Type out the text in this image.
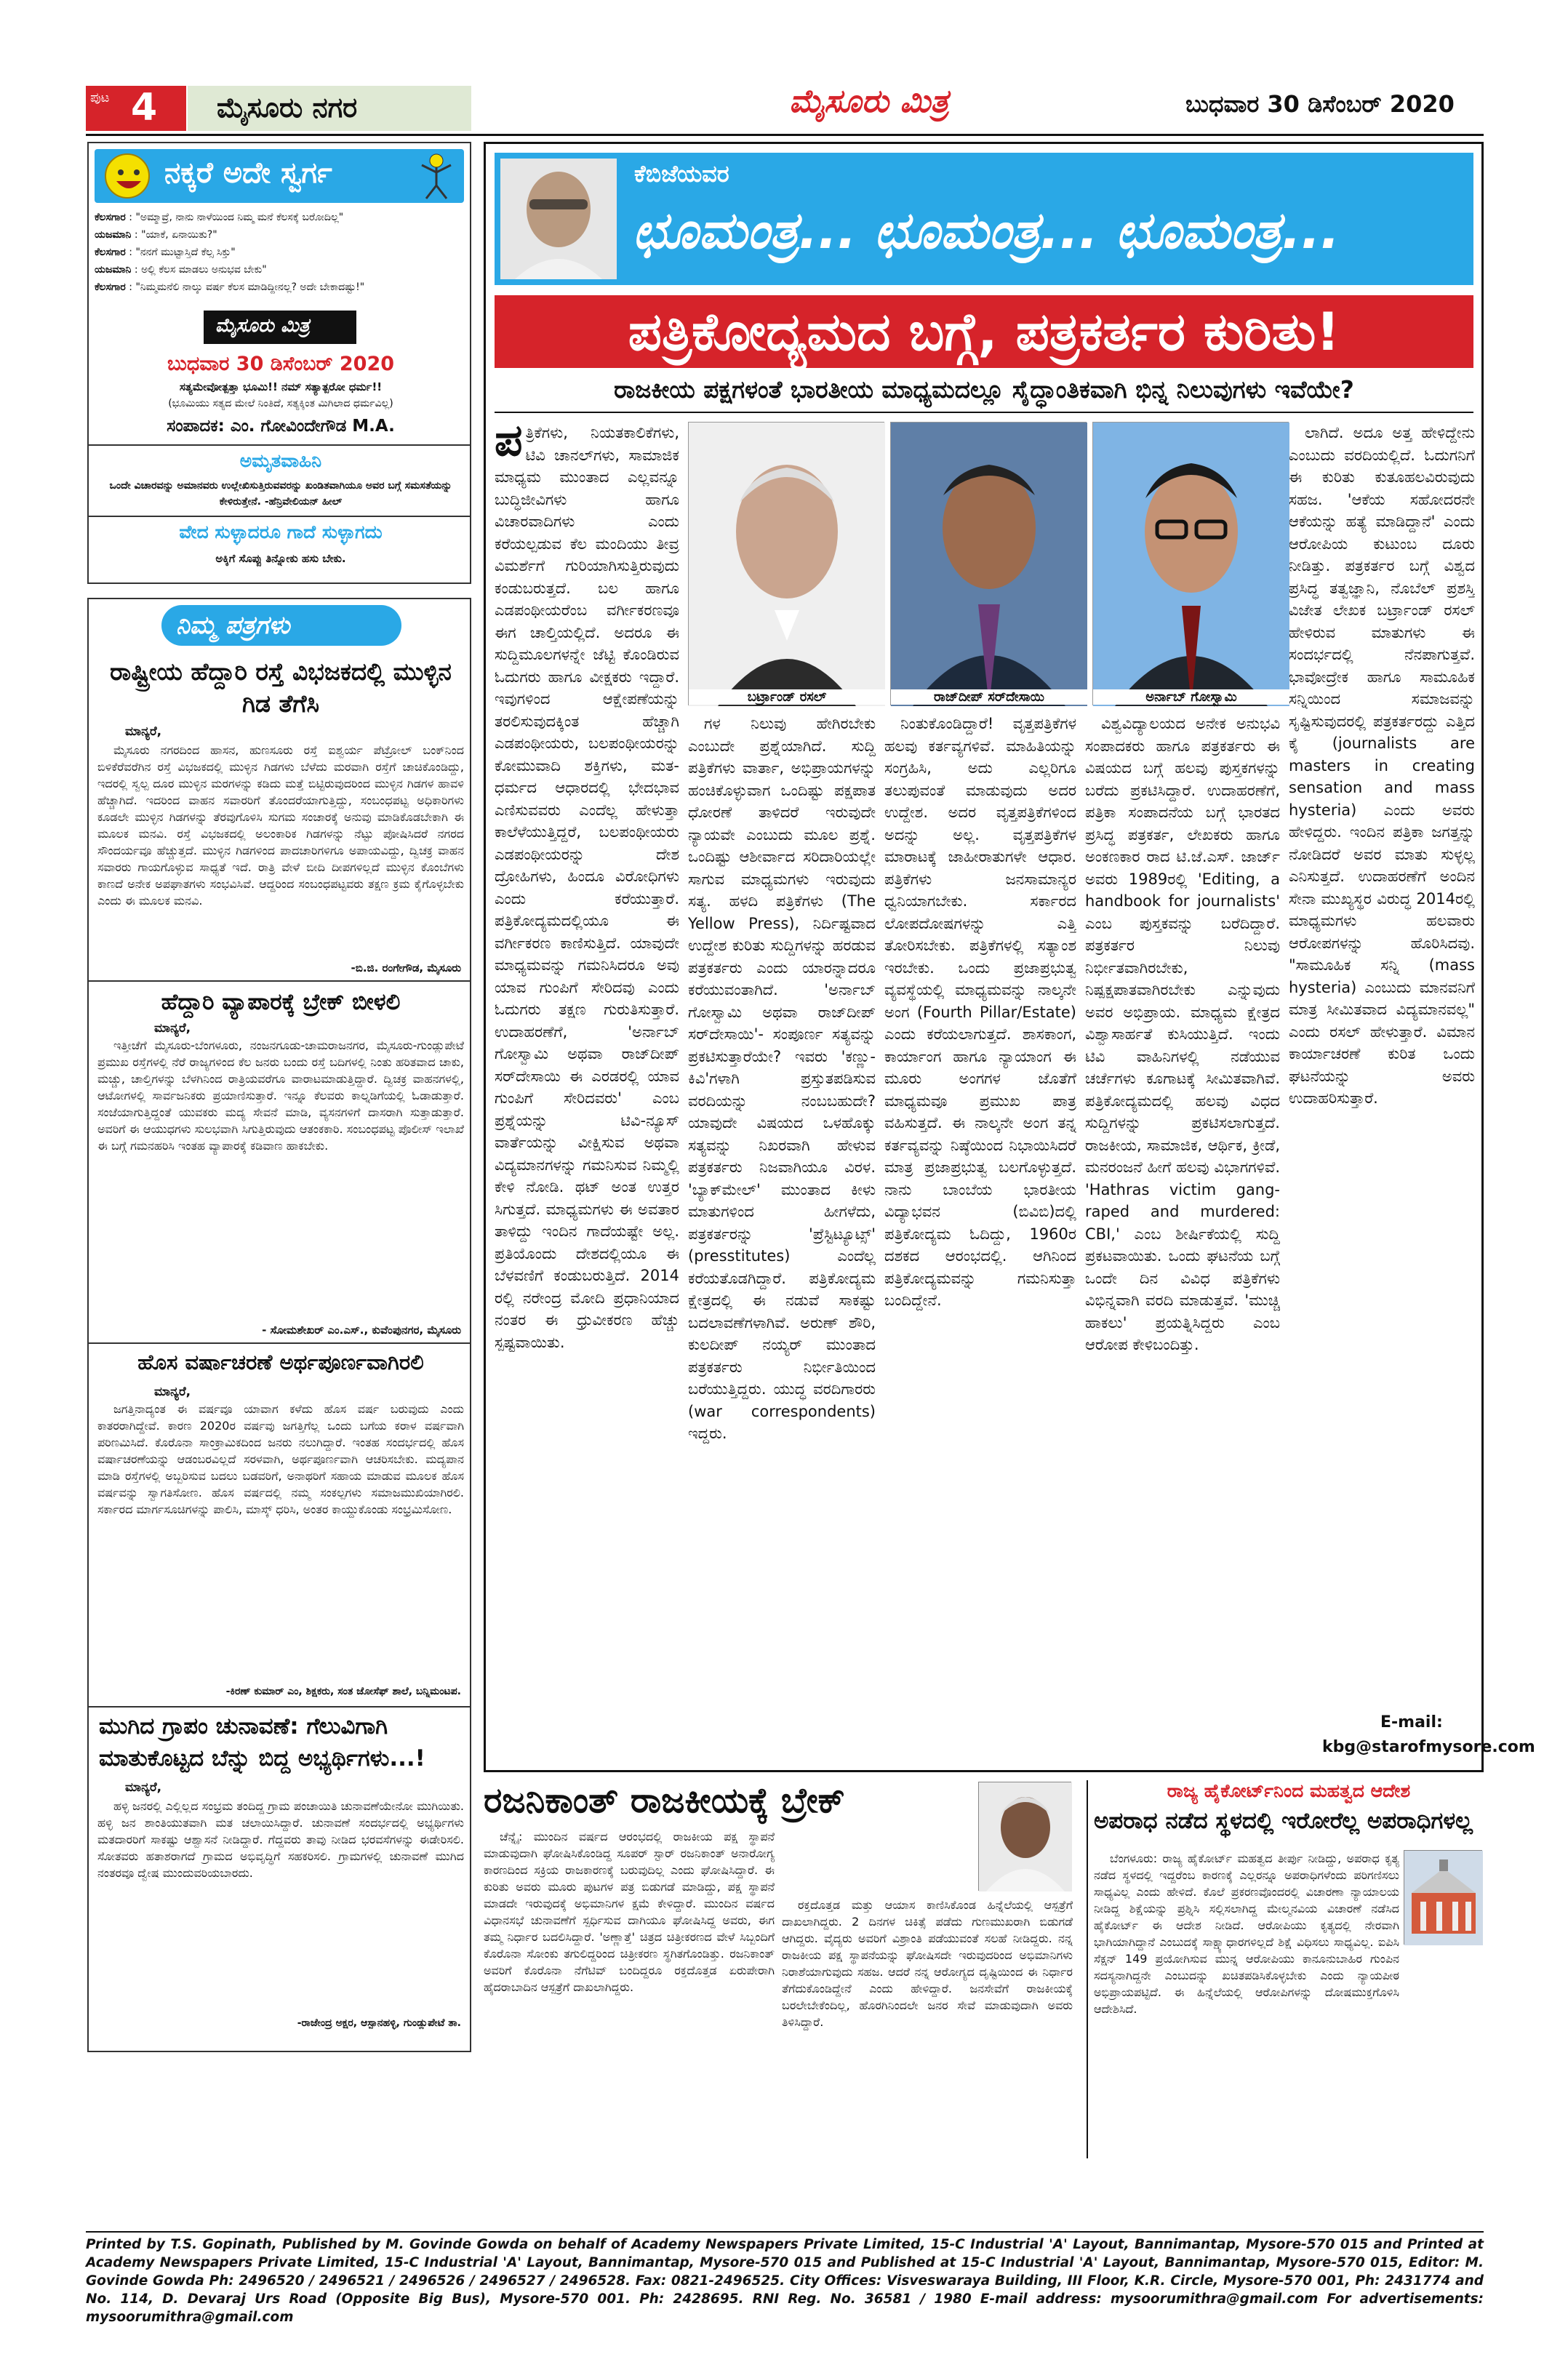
ಪುಟ 4 ಮೈಸೂರು ನಗರ	ಮೈಸೂರು ಮಿತ್ರ	ಬುಧವಾರ 30 ಡಿಸೆಂಬರ್ 2020
ನಕ್ಕರೆ ಅದೇ ಸ್ವರ್ಗ
ಕೆಲಸಗಾರ : "ಅಮ್ಮಾವ್ರೆ, ನಾನು ನಾಳೆಯಿಂದ ನಿಮ್ಮ ಮನೆ ಕೆಲಸಕ್ಕೆ ಬರೋದಿಲ್ಲ"
ಯಜಮಾನಿ : "ಯಾಕೆ, ಏನಾಯಿತು?"
ಕೆಲಸಗಾರ : "ನನಗೆ ಮುಟ್ಟಾಸ್ತಿದೆ ಕೆಲ್ಸ ಸಿಕ್ತು"
ಯಜಮಾನಿ : ಅಲ್ಲಿ ಕೆಲಸ ಮಾಡಲು ಅನುಭವ ಬೇಕು"
ಕೆಲಸಗಾರ : "ನಿಮ್ಮಮನೆಲಿ ನಾಲ್ಕು ವರ್ಷ ಕೆಲಸ ಮಾಡಿದ್ದೀನಲ್ಲ? ಅದೇ ಬೇಕಾದಷ್ಟು!"
ಮೈಸೂರು ಮಿತ್ರ
ಬುಧವಾರ 30 ಡಿಸೆಂಬರ್ 2020
ಸತ್ಯಮೇವೋತ್ಪತ್ತಾ ಭೂಮಿ!! ನಮ್ ಸತ್ಯಾತ್ಪರೋ ಧರ್ಮ!!
(ಭೂಮಿಯು ಸತ್ಯದ ಮೇಲೆ ನಿಂತಿದೆ, ಸತ್ಯಕ್ಕಿಂತ ಮಿಗಿಲಾದ ಧರ್ಮವಿಲ್ಲ)
ಸಂಪಾದಕ: ಎಂ. ಗೋವಿಂದೇಗೌಡ M.A.
ಅಮೃತವಾಹಿನಿ
ಒಂದೇ ವಿಚಾರವನ್ನು ಅಮಾನವರು ಉಲ್ಲೇಖಿಸುತ್ತಿರುವವರನ್ನು ಖಂಡಿತವಾಗಿಯೂ ಅವರ ಬಗ್ಗೆ ಸಮಸತೆಯನ್ನು ಕೇಳಿರುತ್ತೇನೆ. -ಹೆನ್ರಿವೇಲಿಯನ್ ಹೀಲ್
ವೇದ ಸುಳ್ಳಾದರೂ ಗಾದೆ ಸುಳ್ಳಾಗದು
ಅಕ್ಕಿಗೆ ಸೊಪ್ಪು ತಿನ್ನೋಕು ಹಸು ಬೇಕು.
ನಿಮ್ಮ ಪತ್ರಗಳು
ರಾಷ್ಟ್ರೀಯ ಹೆದ್ದಾರಿ ರಸ್ತೆ ವಿಭಜಕದಲ್ಲಿ ಮುಳ್ಳಿನ ಗಿಡ ತೆಗೆಸಿ
ಮಾನ್ಯರೆ,

ಮೈಸೂರು ನಗರದಿಂದ ಹಾಸನ, ಹುಣಸೂರು ರಸ್ತೆ ಐಶ್ವರ್ಯ ಪೆಟ್ರೋಲ್ ಬಂಕ್‌ನಿಂದ ಬಿಳಿಕೆರೆವರೆಗಿನ ರಸ್ತೆ ವಿಭಜಕದಲ್ಲಿ ಮುಳ್ಳಿನ ಗಿಡಗಳು ಬೆಳೆದು ಮರವಾಗಿ ರಸ್ತೆಗೆ ಚಾಚಿಕೊಂಡಿದ್ದು, ಇದರಲ್ಲಿ ಸ್ವಲ್ಪ ದೂರ ಮುಳ್ಳಿನ ಮರಗಳನ್ನು ಕಡಿದು ಮತ್ತೆ ಬಿಟ್ಟಿರುವುದರಿಂದ ಮುಳ್ಳಿನ ಗಿಡಗಳ ಹಾವಳಿ ಹೆಚ್ಚಾಗಿದೆ. ಇದರಿಂದ ವಾಹನ ಸವಾರರಿಗೆ ತೊಂದರೆಯಾಗುತ್ತಿದ್ದು, ಸಂಬಂಧಪಟ್ಟ ಅಧಿಕಾರಿಗಳು ಕೂಡಲೇ ಮುಳ್ಳಿನ ಗಿಡಗಳನ್ನು ತೆರವುಗೊಳಿಸಿ ಸುಗಮ ಸಂಚಾರಕ್ಕೆ ಅನುವು ಮಾಡಿಕೊಡಬೇಕಾಗಿ ಈ ಮೂಲಕ ಮನವಿ. ರಸ್ತೆ ವಿಭಜಕದಲ್ಲಿ ಅಲಂಕಾರಿಕ ಗಿಡಗಳನ್ನು ನೆಟ್ಟು ಪೋಷಿಸಿದರೆ ನಗರದ ಸೌಂದರ್ಯವೂ ಹೆಚ್ಚುತ್ತದೆ. ಮುಳ್ಳಿನ ಗಿಡಗಳಿಂದ ಪಾದಚಾರಿಗಳಿಗೂ ಅಪಾಯವಿದ್ದು, ದ್ವಿಚಕ್ರ ವಾಹನ ಸವಾರರು ಗಾಯಗೊಳ್ಳುವ ಸಾಧ್ಯತೆ ಇದೆ. ರಾತ್ರಿ ವೇಳೆ ಬೀದಿ ದೀಪಗಳಿಲ್ಲದೆ ಮುಳ್ಳಿನ ಕೊಂಬೆಗಳು ಕಾಣದೆ ಅನೇಕ ಅಪಘಾತಗಳು ಸಂಭವಿಸಿವೆ. ಆದ್ದರಿಂದ ಸಂಬಂಧಪಟ್ಟವರು ತಕ್ಷಣ ಕ್ರಮ ಕೈಗೊಳ್ಳಬೇಕು ಎಂದು ಈ ಮೂಲಕ ಮನವಿ.

-ಬಿ.ಜಿ. ರಂಗೇಗೌಡ, ಮೈಸೂರು
ಹೆದ್ದಾರಿ ವ್ಯಾಪಾರಕ್ಕೆ ಬ್ರೇಕ್ ಬೀಳಲಿ
ಮಾನ್ಯರೆ,

ಇತ್ತೀಚೆಗೆ ಮೈಸೂರು-ಬೆಂಗಳೂರು, ನಂಜನಗೂಡು-ಚಾಮರಾಜನಗರ, ಮೈಸೂರು-ಗುಂಡ್ಲುಪೇಟೆ ಪ್ರಮುಖ ರಸ್ತೆಗಳಲ್ಲಿ ನೆರೆ ರಾಜ್ಯಗಳಿಂದ ಕೆಲ ಜನರು ಬಂದು ರಸ್ತೆ ಬದಿಗಳಲ್ಲಿ ನಿಂತು ಹರಿತವಾದ ಚಾಕು, ಮಚ್ಚು, ಚಾಲ್ತಿಗಳನ್ನು ಬೆಳಗಿನಿಂದ ರಾತ್ರಿಯವರೆಗೂ ವಾರಾಟಮಾಡುತ್ತಿದ್ದಾರೆ. ದ್ವಿಚಕ್ರ ವಾಹನಗಳಲ್ಲಿ, ಆಟೋಗಳಲ್ಲಿ ಸಾರ್ವಜನಿಕರು ಪ್ರಯಾಣಿಸುತ್ತಾರೆ. ಇನ್ನೂ ಕೆಲವರು ಕಾಲ್ನಡಿಗೆಯಲ್ಲಿ ಓಡಾಡುತ್ತಾರೆ. ಸಂಜೆಯಾಗುತ್ತಿದ್ದಂತೆ ಯುವಕರು ಮದ್ಯ ಸೇವನೆ ಮಾಡಿ, ವ್ಯಸನಗಳಿಗೆ ದಾಸರಾಗಿ ಸುತ್ತಾಡುತ್ತಾರೆ. ಅವರಿಗೆ ಈ ಆಯುಧಗಳು ಸುಲಭವಾಗಿ ಸಿಗುತ್ತಿರುವುದು ಆತಂಕಕಾರಿ. ಸಂಬಂಧಪಟ್ಟ ಪೊಲೀಸ್ ಇಲಾಖೆ ಈ ಬಗ್ಗೆ ಗಮನಹರಿಸಿ ಇಂತಹ ವ್ಯಾಪಾರಕ್ಕೆ ಕಡಿವಾಣ ಹಾಕಬೇಕು.

- ಸೋಮಶೇಖರ್ ಎಂ.ಎಸ್., ಕುವೆಂಪುನಗರ, ಮೈಸೂರು
ಹೊಸ ವರ್ಷಾಚರಣೆ ಅರ್ಥಪೂರ್ಣವಾಗಿರಲಿ
ಮಾನ್ಯರೆ,

ಜಗತ್ತಿನಾದ್ಯಂತ ಈ ವರ್ಷವೂ ಯಾವಾಗ ಕಳೆದು ಹೊಸ ವರ್ಷ ಬರುವುದು ಎಂದು ಕಾತರರಾಗಿದ್ದೇವೆ. ಕಾರಣ 2020ರ ವರ್ಷವು ಜಗತ್ತಿಗೆಲ್ಲ ಒಂದು ಬಗೆಯ ಕರಾಳ ವರ್ಷವಾಗಿ ಪರಿಣಮಿಸಿದೆ. ಕೊರೊನಾ ಸಾಂಕ್ರಾಮಿಕದಿಂದ ಜನರು ನಲುಗಿದ್ದಾರೆ. ಇಂತಹ ಸಂದರ್ಭದಲ್ಲಿ ಹೊಸ ವರ್ಷಾಚರಣೆಯನ್ನು ಆಡಂಬರವಿಲ್ಲದೆ ಸರಳವಾಗಿ, ಅರ್ಥಪೂರ್ಣವಾಗಿ ಆಚರಿಸಬೇಕು. ಮದ್ಯಪಾನ ಮಾಡಿ ರಸ್ತೆಗಳಲ್ಲಿ ಅಬ್ಬರಿಸುವ ಬದಲು ಬಡವರಿಗೆ, ಅನಾಥರಿಗೆ ಸಹಾಯ ಮಾಡುವ ಮೂಲಕ ಹೊಸ ವರ್ಷವನ್ನು ಸ್ವಾಗತಿಸೋಣ. ಹೊಸ ವರ್ಷದಲ್ಲಿ ನಮ್ಮ ಸಂಕಲ್ಪಗಳು ಸಮಾಜಮುಖಿಯಾಗಿರಲಿ. ಸರ್ಕಾರದ ಮಾರ್ಗಸೂಚಿಗಳನ್ನು ಪಾಲಿಸಿ, ಮಾಸ್ಕ್ ಧರಿಸಿ, ಅಂತರ ಕಾಯ್ದುಕೊಂಡು ಸಂಭ್ರಮಿಸೋಣ.

-ಕಿರಣ್ ಕುಮಾರ್ ಎಂ, ಶಿಕ್ಷಕರು, ಸಂತ ಜೋಸೆಫ್ ಶಾಲೆ, ಬನ್ನಿಮಂಟಪ.
ಮುಗಿದ ಗ್ರಾಪಂ ಚುನಾವಣೆ: ಗೆಲುವಿಗಾಗಿ ಮಾತುಕೊಟ್ಟದ ಬೆನ್ನು ಬಿದ್ದ ಅಭ್ಯರ್ಥಿಗಳು...!
ಮಾನ್ಯರೆ,

ಹಳ್ಳಿ ಜನರಲ್ಲಿ ಎಲ್ಲಿಲ್ಲದ ಸಂಭ್ರಮ ತಂದಿದ್ದ ಗ್ರಾಮ ಪಂಚಾಯಿತಿ ಚುನಾವಣೆಯೇನೋ ಮುಗಿಯಿತು. ಹಳ್ಳಿ ಜನ ಶಾಂತಿಯುತವಾಗಿ ಮತ ಚಲಾಯಿಸಿದ್ದಾರೆ. ಚುನಾವಣೆ ಸಂದರ್ಭದಲ್ಲಿ ಅಭ್ಯರ್ಥಿಗಳು ಮತದಾರರಿಗೆ ಸಾಕಷ್ಟು ಆಶ್ವಾಸನೆ ನೀಡಿದ್ದಾರೆ. ಗೆದ್ದವರು ತಾವು ನೀಡಿದ ಭರವಸೆಗಳನ್ನು ಈಡೇರಿಸಲಿ. ಸೋತವರು ಹತಾಶರಾಗದೆ ಗ್ರಾಮದ ಅಭಿವೃದ್ಧಿಗೆ ಸಹಕರಿಸಲಿ. ಗ್ರಾಮಗಳಲ್ಲಿ ಚುನಾವಣೆ ಮುಗಿದ ನಂತರವೂ ದ್ವೇಷ ಮುಂದುವರಿಯಬಾರದು.

-ರಾಜೇಂದ್ರ ಅಕ್ಷರ, ಆಸ್ಪಾನಹಳ್ಳಿ, ಗುಂಡ್ಲುಪೇಟೆ ತಾ.
ಕೆಬಿಜೆಯವರ
ಛೂಮಂತ್ರ... ಛೂಮಂತ್ರ... ಛೂಮಂತ್ರ...
ಪತ್ರಿಕೋದ್ಯಮದ ಬಗ್ಗೆ, ಪತ್ರಕರ್ತರ ಕುರಿತು!
ರಾಜಕೀಯ ಪಕ್ಷಗಳಂತೆ ಭಾರತೀಯ ಮಾಧ್ಯಮದಲ್ಲೂ ಸೈದ್ಧಾಂತಿಕವಾಗಿ ಭಿನ್ನ ನಿಲುವುಗಳು ಇವೆಯೇ?
ಬರ್ಟ್ರಾಂಡ್ ರಸಲ್	ರಾಜ್‌ದೀಪ್ ಸರ್‌ದೇಸಾಯಿ	ಅರ್ನಾಬ್ ಗೋಸ್ವಾಮಿ
ಪತ್ರಿಕೆಗಳು, ನಿಯತಕಾಲಿಕೆಗಳು, ಟಿವಿ ಚಾನಲ್‌ಗಳು, ಸಾಮಾಜಿಕ ಮಾಧ್ಯಮ ಮುಂತಾದ ಎಲ್ಲವನ್ನೂ ಬುದ್ಧಿಜೀವಿಗಳು ಹಾಗೂ ವಿಚಾರವಾದಿಗಳು ಎಂದು ಕರೆಯಲ್ಪಡುವ ಕೆಲ ಮಂದಿಯು ತೀವ್ರ ವಿಮರ್ಶೆಗೆ ಗುರಿಯಾಗಿಸುತ್ತಿರುವುದು ಕಂಡುಬರುತ್ತದೆ. ಬಲ ಹಾಗೂ ಎಡಪಂಥೀಯರೆಂಬ ವರ್ಗೀಕರಣವೂ ಈಗ ಚಾಲ್ತಿಯಲ್ಲಿದೆ. ಅದರೂ ಈ ಸುದ್ದಿಮೂಲಗಳನ್ನೇ ಜೆಟ್ಟಿ ಕೊಂಡಿರುವ ಓದುಗರು ಹಾಗೂ ವೀಕ್ಷಕರು ಇದ್ದಾರೆ. ಇವುಗಳಿಂದ ಆಕ್ಷೇಪಣೆಯನ್ನು ತರಲಿಸುವುದಕ್ಕಿಂತ ಹೆಚ್ಚಾಗಿ ಎಡಪಂಥೀಯರು, ಬಲಪಂಥೀಯರನ್ನು ಕೋಮುವಾದಿ ಶಕ್ತಿಗಳು, ಮತ-ಧರ್ಮದ ಆಧಾರದಲ್ಲಿ ಭೇದಭಾವ ಎಣಿಸುವವರು ಎಂದೆಲ್ಲ ಹೇಳುತ್ತಾ ಕಾಲೆಳೆಯುತ್ತಿದ್ದರೆ, ಬಲಪಂಥೀಯರು ಎಡಪಂಥೀಯರನ್ನು ದೇಶ ದ್ರೋಹಿಗಳು, ಹಿಂದೂ ವಿರೋಧಿಗಳು ಎಂದು ಕರೆಯುತ್ತಾರೆ. ಪತ್ರಿಕೋದ್ಯಮದಲ್ಲಿಯೂ ಈ ವರ್ಗೀಕರಣ ಕಾಣಿಸುತ್ತಿದೆ. ಯಾವುದೇ ಮಾಧ್ಯಮವನ್ನು ಗಮನಿಸಿದರೂ ಅವು ಯಾವ ಗುಂಪಿಗೆ ಸೇರಿದವು ಎಂದು ಓದುಗರು ತಕ್ಷಣ ಗುರುತಿಸುತ್ತಾರೆ. ಉದಾಹರಣೆಗೆ, 'ಅರ್ನಾಬ್ ಗೋಸ್ವಾಮಿ ಅಥವಾ ರಾಜ್‌ದೀಪ್ ಸರ್‌ದೇಸಾಯಿ ಈ ಎರಡರಲ್ಲಿ ಯಾವ ಗುಂಪಿಗೆ ಸೇರಿದವರು' ಎಂಬ ಪ್ರಶ್ನೆಯನ್ನು ಟಿವಿ-ನ್ಯೂಸ್ ವಾರ್ತೆಯನ್ನು ವೀಕ್ಷಿಸುವ ಅಥವಾ ವಿದ್ಯಮಾನಗಳನ್ನು ಗಮನಿಸುವ ನಿಮ್ಮಲ್ಲಿ ಕೇಳಿ ನೋಡಿ. ಥಟ್ ಅಂತ ಉತ್ತರ ಸಿಗುತ್ತದೆ. ಮಾಧ್ಯಮಗಳು ಈ ಅವತಾರ ತಾಳಿದ್ದು ಇಂದಿನ ಗಾದೆಯಷ್ಟೇ ಅಲ್ಲ. ಪ್ರತಿಯೊಂದು ದೇಶದಲ್ಲಿಯೂ ಈ ಬೆಳವಣಿಗೆ ಕಂಡುಬರುತ್ತಿದೆ. 2014 ರಲ್ಲಿ ನರೇಂದ್ರ ಮೋದಿ ಪ್ರಧಾನಿಯಾದ ನಂತರ ಈ ಧ್ರುವೀಕರಣ ಹೆಚ್ಚು ಸ್ಪಷ್ಟವಾಯಿತು.

ಗಳ ನಿಲುವು ಹೇಗಿರಬೇಕು ಎಂಬುದೇ ಪ್ರಶ್ನೆಯಾಗಿದೆ. ಸುದ್ದಿ ಪತ್ರಿಕೆಗಳು ವಾರ್ತಾ, ಅಭಿಪ್ರಾಯಗಳನ್ನು ಹಂಚಿಕೊಳ್ಳುವಾಗ ಒಂದಿಷ್ಟು ಪಕ್ಷಪಾತ ಧೋರಣೆ ತಾಳಿದರೆ ಇರುವುದೇ ನ್ಯಾಯವೇ ಎಂಬುದು ಮೂಲ ಪ್ರಶ್ನೆ. ಒಂದಿಷ್ಟು ಆಶೀರ್ವಾದ ಸರಿದಾರಿಯಲ್ಲೇ ಸಾಗುವ ಮಾಧ್ಯಮಗಳು ಇರುವುದು ಸತ್ಯ. ಹಳದಿ ಪತ್ರಿಕೆಗಳು (The Yellow Press), ನಿರ್ದಿಷ್ಟವಾದ ಉದ್ದೇಶ ಕುರಿತು ಸುದ್ದಿಗಳನ್ನು ಹರಡುವ ಪತ್ರಕರ್ತರು ಎಂದು ಯಾರನ್ನಾದರೂ ಕರೆಯುವಂತಾಗಿದೆ. 'ಅರ್ನಾಬ್ ಗೋಸ್ವಾಮಿ ಅಥವಾ ರಾಜ್‌ದೀಪ್ ಸರ್‌ದೇಸಾಯಿ'- ಸಂಪೂರ್ಣ ಸತ್ಯವನ್ನು ಪ್ರಕಟಿಸುತ್ತಾರೆಯೇ? ಇವರು 'ಕಣ್ಣು-ಕಿವಿ'ಗಳಾಗಿ ಪ್ರಸ್ತುತಪಡಿಸುವ ವರದಿಯನ್ನು ನಂಬಬಹುದೇ? ಯಾವುದೇ ವಿಷಯದ ಒಳಹೊಕ್ಕು ಸತ್ಯವನ್ನು ನಿಖರವಾಗಿ ಹೇಳುವ ಪತ್ರಕರ್ತರು ನಿಜವಾಗಿಯೂ ವಿರಳ. 'ಬ್ಯಾಕ್‌ಮೇಲ್' ಮುಂತಾದ ಕೀಳು ಮಾತುಗಳಿಂದ ಹೀಗಳೆದು, ಪತ್ರಕರ್ತರನ್ನು 'ಪ್ರೆಸ್ಟಿಟ್ಯೂಟ್ಸ್' (presstitutes) ಎಂದೆಲ್ಲ ಕರೆಯತೊಡಗಿದ್ದಾರೆ. ಪತ್ರಿಕೋದ್ಯಮ ಕ್ಷೇತ್ರದಲ್ಲಿ ಈ ನಡುವೆ ಸಾಕಷ್ಟು ಬದಲಾವಣೆಗಳಾಗಿವೆ. ಅರುಣ್ ಶೌರಿ, ಕುಲದೀಪ್ ನಯ್ಯರ್ ಮುಂತಾದ ಪತ್ರಕರ್ತರು ನಿರ್ಭೀತಿಯಿಂದ ಬರೆಯುತ್ತಿದ್ದರು. ಯುದ್ಧ ವರದಿಗಾರರು (war correspondents) ಇದ್ದರು.

ನಿಂತುಕೊಂಡಿದ್ದಾರೆ! ವೃತ್ತಪತ್ರಿಕೆಗಳ ಹಲವು ಕರ್ತವ್ಯಗಳಿವೆ. ಮಾಹಿತಿಯನ್ನು ಸಂಗ್ರಹಿಸಿ, ಅದು ಎಲ್ಲರಿಗೂ ತಲುಪುವಂತೆ ಮಾಡುವುದು ಅದರ ಉದ್ದೇಶ. ಅದರ ವೃತ್ತಪತ್ರಿಕೆಗಳಿಂದ ಅದನ್ನು ಅಲ್ಲ. ವೃತ್ತಪತ್ರಿಕೆಗಳ ಮಾರಾಟಕ್ಕೆ ಜಾಹೀರಾತುಗಳೇ ಆಧಾರ. ಪತ್ರಿಕೆಗಳು ಜನಸಾಮಾನ್ಯರ ಧ್ವನಿಯಾಗಬೇಕು. ಸರ್ಕಾರದ ಲೋಪದೋಷಗಳನ್ನು ಎತ್ತಿ ತೋರಿಸಬೇಕು. ಪತ್ರಿಕೆಗಳಲ್ಲಿ ಸತ್ಯಾಂಶ ಇರಬೇಕು. ಒಂದು ಪ್ರಜಾಪ್ರಭುತ್ವ ವ್ಯವಸ್ಥೆಯಲ್ಲಿ ಮಾಧ್ಯಮವನ್ನು ನಾಲ್ಕನೇ ಅಂಗ (Fourth Pillar/Estate) ಎಂದು ಕರೆಯಲಾಗುತ್ತದೆ. ಶಾಸಕಾಂಗ, ಕಾರ್ಯಾಂಗ ಹಾಗೂ ನ್ಯಾಯಾಂಗ ಈ ಮೂರು ಅಂಗಗಳ ಜೊತೆಗೆ ಮಾಧ್ಯಮವೂ ಪ್ರಮುಖ ಪಾತ್ರ ವಹಿಸುತ್ತದೆ. ಈ ನಾಲ್ಕನೇ ಅಂಗ ತನ್ನ ಕರ್ತವ್ಯವನ್ನು ನಿಷ್ಠೆಯಿಂದ ನಿಭಾಯಿಸಿದರೆ ಮಾತ್ರ ಪ್ರಜಾಪ್ರಭುತ್ವ ಬಲಗೊಳ್ಳುತ್ತದೆ. ನಾನು ಬಾಂಬೆಯ ಭಾರತೀಯ ವಿದ್ಯಾಭವನ (ಬಿವಿಬಿ)ದಲ್ಲಿ ಪತ್ರಿಕೋದ್ಯಮ ಓದಿದ್ದು, 1960ರ ದಶಕದ ಆರಂಭದಲ್ಲಿ. ಆಗಿನಿಂದ ಪತ್ರಿಕೋದ್ಯಮವನ್ನು ಗಮನಿಸುತ್ತಾ ಬಂದಿದ್ದೇನೆ.

ವಿಶ್ವವಿದ್ಯಾಲಯದ ಅನೇಕ ಅನುಭವಿ ಸಂಪಾದಕರು ಹಾಗೂ ಪತ್ರಕರ್ತರು ಈ ವಿಷಯದ ಬಗ್ಗೆ ಹಲವು ಪುಸ್ತಕಗಳನ್ನು ಬರೆದು ಪ್ರಕಟಿಸಿದ್ದಾರೆ. ಉದಾಹರಣೆಗೆ, ಪತ್ರಿಕಾ ಸಂಪಾದನೆಯ ಬಗ್ಗೆ ಭಾರತದ ಪ್ರಸಿದ್ಧ ಪತ್ರಕರ್ತ, ಲೇಖಕರು ಹಾಗೂ ಅಂಕಣಕಾರ ರಾದ ಟಿ.ಜೆ.ಎಸ್. ಜಾರ್ಜ್ ಅವರು 1989ರಲ್ಲಿ 'Editing, a handbook for journalists' ಎಂಬ ಪುಸ್ತಕವನ್ನು ಬರೆದಿದ್ದಾರೆ. ಪತ್ರಕರ್ತರ ನಿಲುವು ನಿರ್ಭೀತವಾಗಿರಬೇಕು, ನಿಷ್ಪಕ್ಷಪಾತವಾಗಿರಬೇಕು ಎನ್ನುವುದು ಅವರ ಅಭಿಪ್ರಾಯ. ಮಾಧ್ಯಮ ಕ್ಷೇತ್ರದ ವಿಶ್ವಾಸಾರ್ಹತೆ ಕುಸಿಯುತ್ತಿದೆ. ಇಂದು ಟಿವಿ ವಾಹಿನಿಗಳಲ್ಲಿ ನಡೆಯುವ ಚರ್ಚೆಗಳು ಕೂಗಾಟಕ್ಕೆ ಸೀಮಿತವಾಗಿವೆ. ಪತ್ರಿಕೋದ್ಯಮದಲ್ಲಿ ಹಲವು ವಿಧದ ಸುದ್ದಿಗಳನ್ನು ಪ್ರಕಟಿಸಲಾಗುತ್ತದೆ. ರಾಜಕೀಯ, ಸಾಮಾಜಿಕ, ಆರ್ಥಿಕ, ಕ್ರೀಡೆ, ಮನರಂಜನೆ ಹೀಗೆ ಹಲವು ವಿಭಾಗಗಳಿವೆ. 'Hathras victim gang-raped and murdered: CBI,' ಎಂಬ ಶೀರ್ಷಿಕೆಯಲ್ಲಿ ಸುದ್ದಿ ಪ್ರಕಟವಾಯಿತು. ಒಂದು ಘಟನೆಯ ಬಗ್ಗೆ ಒಂದೇ ದಿನ ವಿವಿಧ ಪತ್ರಿಕೆಗಳು ವಿಭಿನ್ನವಾಗಿ ವರದಿ ಮಾಡುತ್ತವೆ. 'ಮುಚ್ಚಿ ಹಾಕಲು' ಪ್ರಯತ್ನಿಸಿದ್ದರು ಎಂಬ ಆರೋಪ ಕೇಳಿಬಂದಿತ್ತು.

ಲಾಗಿದೆ. ಅದೂ ಅತ್ತ ಹೇಳಿದ್ದೇನು ಎಂಬುದು ವರದಿಯಲ್ಲಿದೆ. ಓದುಗನಿಗೆ ಈ ಕುರಿತು ಕುತೂಹಲವಿರುವುದು ಸಹಜ. 'ಆಕೆಯ ಸಹೋದರನೇ ಆಕೆಯನ್ನು ಹತ್ಯೆ ಮಾಡಿದ್ದಾನೆ' ಎಂದು ಆರೋಪಿಯ ಕುಟುಂಬ ದೂರು ನೀಡಿತ್ತು. ಪತ್ರಕರ್ತರ ಬಗ್ಗೆ ವಿಶ್ವದ ಪ್ರಸಿದ್ಧ ತತ್ವಜ್ಞಾನಿ, ನೊಬೆಲ್ ಪ್ರಶಸ್ತಿ ವಿಜೇತ ಲೇಖಕ ಬರ್ಟ್ರಾಂಡ್ ರಸಲ್ ಹೇಳಿರುವ ಮಾತುಗಳು ಈ ಸಂದರ್ಭದಲ್ಲಿ ನೆನಪಾಗುತ್ತವೆ. ಭಾವೋದ್ರೇಕ ಹಾಗೂ ಸಾಮೂಹಿಕ ಸನ್ನಿಯಿಂದ ಸಮಾಜವನ್ನು ಸೃಷ್ಟಿಸುವುದರಲ್ಲಿ ಪತ್ರಕರ್ತರದ್ದು ಎತ್ತಿದ ಕೈ (journalists are masters in creating sensation and mass hysteria) ಎಂದು ಅವರು ಹೇಳಿದ್ದರು. ಇಂದಿನ ಪತ್ರಿಕಾ ಜಗತ್ತನ್ನು ನೋಡಿದರೆ ಅವರ ಮಾತು ಸುಳ್ಳಲ್ಲ ಎನಿಸುತ್ತದೆ. ಉದಾಹರಣೆಗೆ ಅಂದಿನ ಸೇನಾ ಮುಖ್ಯಸ್ಥರ ವಿರುದ್ಧ 2014ರಲ್ಲಿ ಮಾಧ್ಯಮಗಳು ಹಲವಾರು ಆರೋಪಗಳನ್ನು ಹೊರಿಸಿದವು. "ಸಾಮೂಹಿಕ ಸನ್ನಿ (mass hysteria) ಎಂಬುದು ಮಾನವನಿಗೆ ಮಾತ್ರ ಸೀಮಿತವಾದ ವಿದ್ಯಮಾನವಲ್ಲ" ಎಂದು ರಸಲ್ ಹೇಳುತ್ತಾರೆ. ವಿಮಾನ ಕಾರ್ಯಾಚರಣೆ ಕುರಿತ ಒಂದು ಘಟನೆಯನ್ನು ಅವರು ಉದಾಹರಿಸುತ್ತಾರೆ.

E-mail:
kbg@starofmysore.com
ರಜನಿಕಾಂತ್ ರಾಜಕೀಯಕ್ಕೆ ಬ್ರೇಕ್

ಚೆನ್ನೈ: ಮುಂದಿನ ವರ್ಷದ ಆರಂಭದಲ್ಲಿ ರಾಜಕೀಯ ಪಕ್ಷ ಸ್ಥಾಪನೆ ಮಾಡುವುದಾಗಿ ಘೋಷಿಸಿಕೊಂಡಿದ್ದ ಸೂಪರ್ ಸ್ಟಾರ್ ರಜನಿಕಾಂತ್ ಅನಾರೋಗ್ಯ ಕಾರಣದಿಂದ ಸಕ್ರಿಯ ರಾಜಕಾರಣಕ್ಕೆ ಬರುವುದಿಲ್ಲ ಎಂದು ಘೋಷಿಸಿದ್ದಾರೆ. ಈ ಕುರಿತು ಅವರು ಮೂರು ಪುಟಗಳ ಪತ್ರ ಬಿಡುಗಡೆ ಮಾಡಿದ್ದು, ಪಕ್ಷ ಸ್ಥಾಪನೆ ಮಾಡದೇ ಇರುವುದಕ್ಕೆ ಅಭಿಮಾನಿಗಳ ಕ್ಷಮೆ ಕೇಳಿದ್ದಾರೆ. ಮುಂದಿನ ವರ್ಷದ ವಿಧಾನಸಭೆ ಚುನಾವಣೆಗೆ ಸ್ಪರ್ಧಿಸುವ ದಾಗಿಯೂ ಘೋಷಿಸಿದ್ದ ಅವರು, ಈಗ ತಮ್ಮ ನಿರ್ಧಾರ ಬದಲಿಸಿದ್ದಾರೆ. 'ಅಣ್ಣಾತ್ತೆ' ಚಿತ್ರದ ಚಿತ್ರೀಕರಣದ ವೇಳೆ ಸಿಬ್ಬಂದಿಗೆ ಕೊರೊನಾ ಸೋಂಕು ತಗುಲಿದ್ದರಿಂದ ಚಿತ್ರೀಕರಣ ಸ್ಥಗಿತಗೊಂಡಿತ್ತು. ರಜನಿಕಾಂತ್ ಅವರಿಗೆ ಕೊರೊನಾ ನೆಗೆಟಿವ್ ಬಂದಿದ್ದರೂ ರಕ್ತದೊತ್ತಡ ಏರುಪೇರಾಗಿ ಹೈದರಾಬಾದಿನ ಆಸ್ಪತ್ರೆಗೆ ದಾಖಲಾಗಿದ್ದರು.

ರಕ್ತದೊತ್ತಡ ಮತ್ತು ಆಯಾಸ ಕಾಣಿಸಿಕೊಂಡ ಹಿನ್ನೆಲೆಯಲ್ಲಿ ಆಸ್ಪತ್ರೆಗೆ ದಾಖಲಾಗಿದ್ದರು. 2 ದಿನಗಳ ಚಿಕಿತ್ಸೆ ಪಡೆದು ಗುಣಮುಖರಾಗಿ ಬಿಡುಗಡೆ ಆಗಿದ್ದರು. ವೈದ್ಯರು ಅವರಿಗೆ ವಿಶ್ರಾಂತಿ ಪಡೆಯುವಂತೆ ಸಲಹೆ ನೀಡಿದ್ದರು. ನನ್ನ ರಾಜಕೀಯ ಪಕ್ಷ ಸ್ಥಾಪನೆಯನ್ನು ಘೋಷಿಸದೇ ಇರುವುದರಿಂದ ಅಭಿಮಾನಿಗಳು ನಿರಾಶೆಯಾಗುವುದು ಸಹಜ. ಆದರೆ ನನ್ನ ಆರೋಗ್ಯದ ದೃಷ್ಟಿಯಿಂದ ಈ ನಿರ್ಧಾರ ತೆಗೆದುಕೊಂಡಿದ್ದೇನೆ ಎಂದು ಹೇಳಿದ್ದಾರೆ. ಜನಸೇವೆಗೆ ರಾಜಕೀಯಕ್ಕೆ ಬರಲೇಬೇಕೆಂದಿಲ್ಲ, ಹೊರಗಿನಿಂದಲೇ ಜನರ ಸೇವೆ ಮಾಡುವುದಾಗಿ ಅವರು ತಿಳಿಸಿದ್ದಾರೆ.

ರಾಜ್ಯ ಹೈಕೋರ್ಟ್‌ನಿಂದ ಮಹತ್ವದ ಆದೇಶ
ಅಪರಾಧ ನಡೆದ ಸ್ಥಳದಲ್ಲಿ ಇರೋರೆಲ್ಲ ಅಪರಾಧಿಗಳಲ್ಲ

ಬೆಂಗಳೂರು: ರಾಜ್ಯ ಹೈಕೋರ್ಟ್ ಮಹತ್ವದ ತೀರ್ಪು ನೀಡಿದ್ದು, ಅಪರಾಧ ಕೃತ್ಯ ನಡೆದ ಸ್ಥಳದಲ್ಲಿ ಇದ್ದರೆಂಬ ಕಾರಣಕ್ಕೆ ಎಲ್ಲರನ್ನೂ ಅಪರಾಧಿಗಳೆಂದು ಪರಿಗಣಿಸಲು ಸಾಧ್ಯವಿಲ್ಲ ಎಂದು ಹೇಳಿದೆ. ಕೊಲೆ ಪ್ರಕರಣವೊಂದರಲ್ಲಿ ವಿಚಾರಣಾ ನ್ಯಾಯಾಲಯ ನೀಡಿದ್ದ ಶಿಕ್ಷೆಯನ್ನು ಪ್ರಶ್ನಿಸಿ ಸಲ್ಲಿಸಲಾಗಿದ್ದ ಮೇಲ್ಮನವಿಯ ವಿಚಾರಣೆ ನಡೆಸಿದ ಹೈಕೋರ್ಟ್ ಈ ಆದೇಶ ನೀಡಿದೆ. ಆರೋಪಿಯು ಕೃತ್ಯದಲ್ಲಿ ನೇರವಾಗಿ ಭಾಗಿಯಾಗಿದ್ದಾನೆ ಎಂಬುದಕ್ಕೆ ಸಾಕ್ಷ್ಯಾಧಾರಗಳಿಲ್ಲದೆ ಶಿಕ್ಷೆ ವಿಧಿಸಲು ಸಾಧ್ಯವಿಲ್ಲ. ಐಪಿಸಿ ಸೆಕ್ಷನ್ 149 ಪ್ರಯೋಗಿಸುವ ಮುನ್ನ ಆರೋಪಿಯು ಕಾನೂನುಬಾಹಿರ ಗುಂಪಿನ ಸದಸ್ಯನಾಗಿದ್ದನೇ ಎಂಬುದನ್ನು ಖಚಿತಪಡಿಸಿಕೊಳ್ಳಬೇಕು ಎಂದು ನ್ಯಾಯಪೀಠ ಅಭಿಪ್ರಾಯಪಟ್ಟಿದೆ. ಈ ಹಿನ್ನೆಲೆಯಲ್ಲಿ ಆರೋಪಿಗಳನ್ನು ದೋಷಮುಕ್ತಗೊಳಿಸಿ ಆದೇಶಿಸಿದೆ.

Printed by T.S. Gopinath, Published by M. Govinde Gowda on behalf of Academy Newspapers Private Limited, 15-C Industrial 'A' Layout, Bannimantap, Mysore-570 015 and Printed at Academy Newspapers Private Limited, 15-C Industrial 'A' Layout, Bannimantap, Mysore-570 015 and Published at 15-C Industrial 'A' Layout, Bannimantap, Mysore-570 015, Editor: M. Govinde Gowda Ph: 2496520 / 2496521 / 2496526 / 2496527 / 2496528. Fax: 0821-2496525. City Offices: Visveswaraya Building, III Floor, K.R. Circle, Mysore-570 001, Ph: 2431774 and No. 114, D. Devaraj Urs Road (Opposite Big Bus), Mysore-570 001. Ph: 2428695. RNI Reg. No. 36581 / 1980 E-mail address: mysoorumithra@gmail.com For advertisements: mysoorumithra@gmail.com
